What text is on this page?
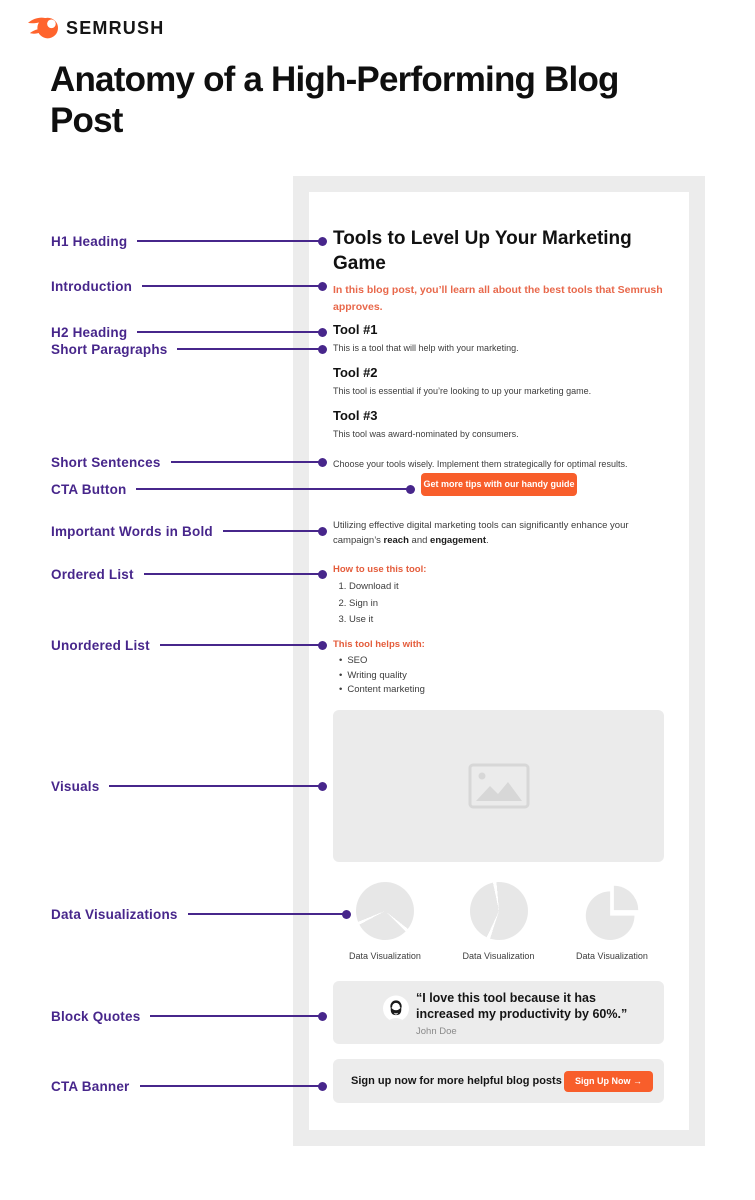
SEMRUSH
Anatomy of a High-Performing Blog Post
Tools to Level Up Your Marketing Game

In this blog post, you’ll learn all about the best tools that Semrush approves.

Tool #1

This is a tool that will help with your marketing.

Tool #2

This tool is essential if you’re looking to up your marketing game.

Tool #3

This tool was award-nominated by consumers.

Choose your tools wisely. Implement them strategically for optimal results.

Get more tips with our handy guide

Utilizing effective digital marketing tools can significantly enhance your campaign’s reach and engagement.

How to use this tool:

1. Download it
2. Sign in
3. Use it

This tool helps with:

• SEO
• Writing quality
• Content marketing
Data Visualization	Data Visualization	Data Visualization

“I love this tool because it has increased my productivity by 60%.”

John Doe

Sign up now for more helpful blog posts	Sign Up Now →
H1 Heading
Introduction
H2 Heading
Short Paragraphs
Short Sentences
CTA Button
Important Words in Bold
Ordered List
Unordered List
Visuals
Data Visualizations
Block Quotes
CTA Banner
